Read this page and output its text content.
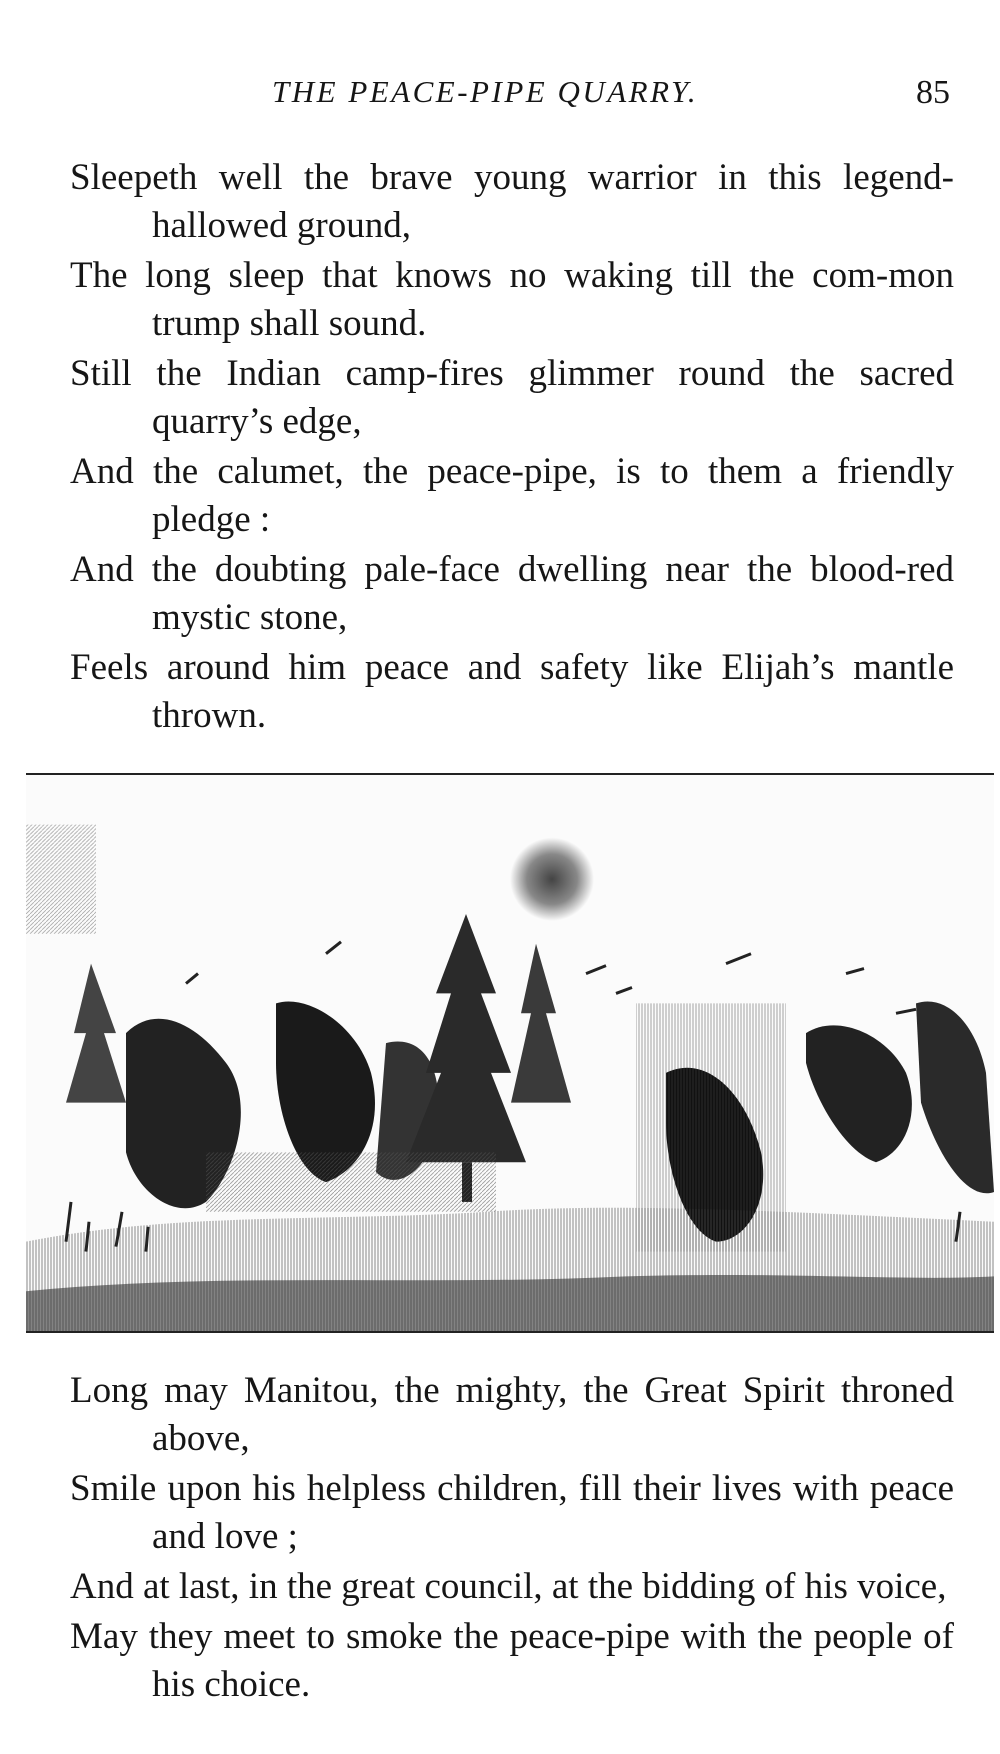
THE PEACE-PIPE QUARRY.	85
Sleepeth well the brave young warrior in this legend-hallowed ground,
The long sleep that knows no waking till the com-mon trump shall sound.
Still the Indian camp-fires glimmer round the sacred quarry’s edge,
And the calumet, the peace-pipe, is to them a friendly pledge :
And the doubting pale-face dwelling near the blood-red mystic stone,
Feels around him peace and safety like Elijah’s mantle thrown.
Long may Manitou, the mighty, the Great Spirit throned above,
Smile upon his helpless children, fill their lives with peace and love ;
And at last, in the great council, at the bidding of his voice,
May they meet to smoke the peace-pipe with the people of his choice.
